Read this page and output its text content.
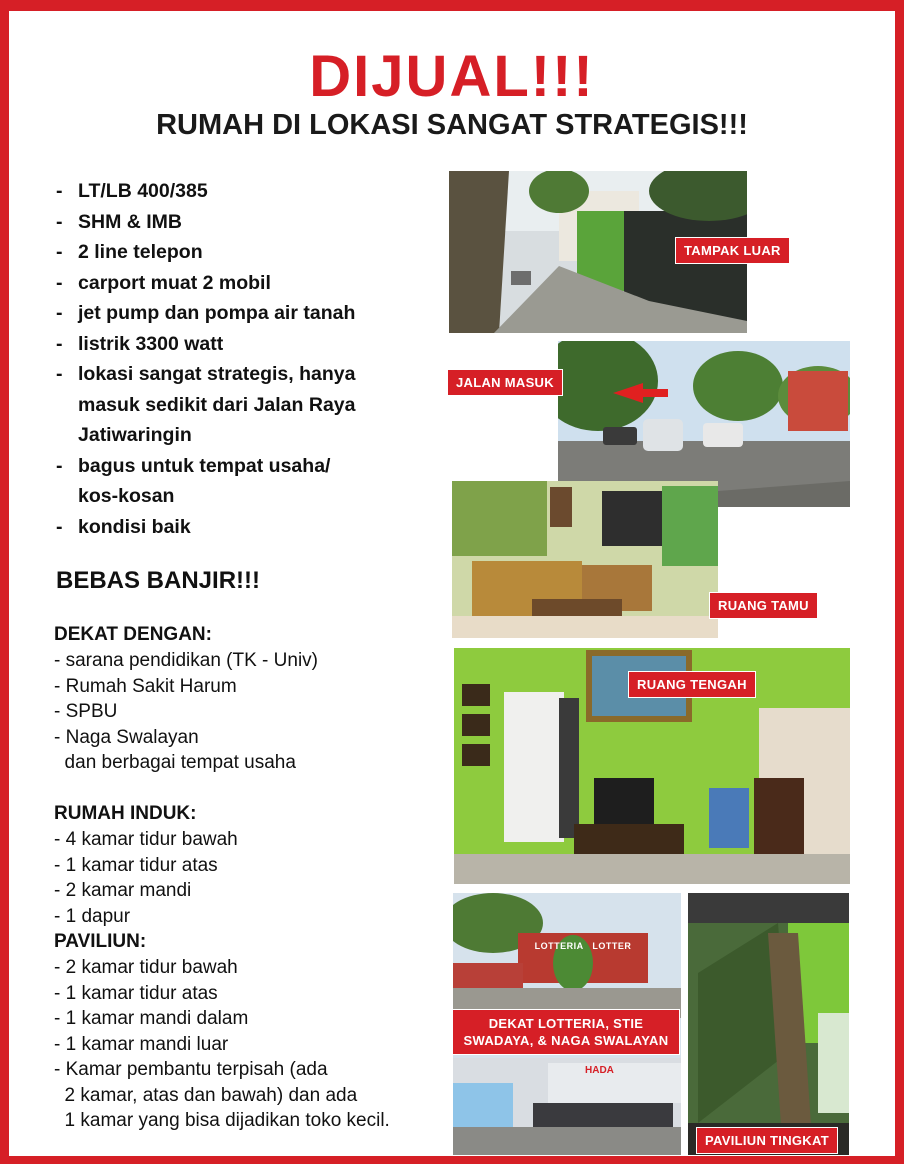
DIJUAL!!!
RUMAH DI LOKASI SANGAT STRATEGIS!!!
- LT/LB 400/385
- SHM & IMB
- 2 line telepon
- carport muat 2 mobil
- jet pump dan pompa air tanah
- listrik 3300 watt
- lokasi sangat strategis, hanya
masuk sedikit dari Jalan Raya
Jatiwaringin
- bagus untuk tempat usaha/
kos-kosan
- kondisi baik
BEBAS BANJIR!!!
DEKAT DENGAN:
- sarana pendidikan (TK - Univ)
- Rumah Sakit Harum
- SPBU
- Naga Swalayan
dan berbagai tempat usaha
RUMAH INDUK:
- 4 kamar tidur bawah
- 1 kamar tidur atas
- 2 kamar mandi
- 1 dapur
PAVILIUN:
- 2 kamar tidur bawah
- 1 kamar tidur atas
- 1 kamar mandi dalam
- 1 kamar mandi luar
- Kamar pembantu terpisah (ada
2 kamar, atas dan bawah) dan ada
1 kamar yang bisa dijadikan toko kecil.
TAMPAK LUAR
JALAN MASUK
RUANG TAMU
RUANG TENGAH
LOTTERIA   LOTTER
HADA
DEKAT LOTTERIA, STIE
SWADAYA, & NAGA SWALAYAN
PAVILIUN TINGKAT
